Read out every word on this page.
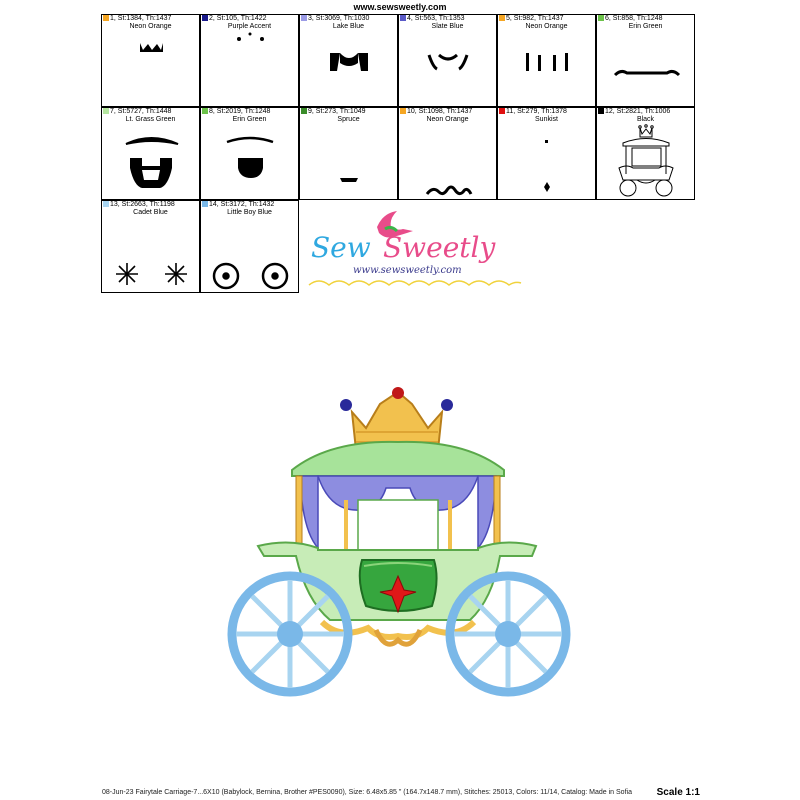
www.sewsweetly.com
1, St:1384, Th:1437
Neon Orange
2, St:105, Th:1422
Purple Accent
3, St:3069, Th:1030
Lake Blue
4, St:563, Th:1353
Slate Blue
5, St:982, Th:1437
Neon Orange
6, St:858, Th:1248
Erin Green
7, St:5727, Th:1448
Lt. Grass Green
8, St:2019, Th:1248
Erin Green
9, St:273, Th:1049
Spruce
10, St:1098, Th:1437
Neon Orange
11, St:279, Th:1378
Sunkist
12, St:2821, Th:1006
Black
13, St:2663, Th:1198
Cadet Blue
14, St:3172, Th:1432
Little Boy Blue
Sew Sweetly
www.sewsweetly.com
08-Jun-23 Fairytale Carriage-7...6X10 (Babylock, Bernina, Brother #PES0090), Size: 6.48x5.85 " (164.7x148.7 mm), Stitches: 25013, Colors: 11/14, Catalog: Made in Sofia Scale 1:1
